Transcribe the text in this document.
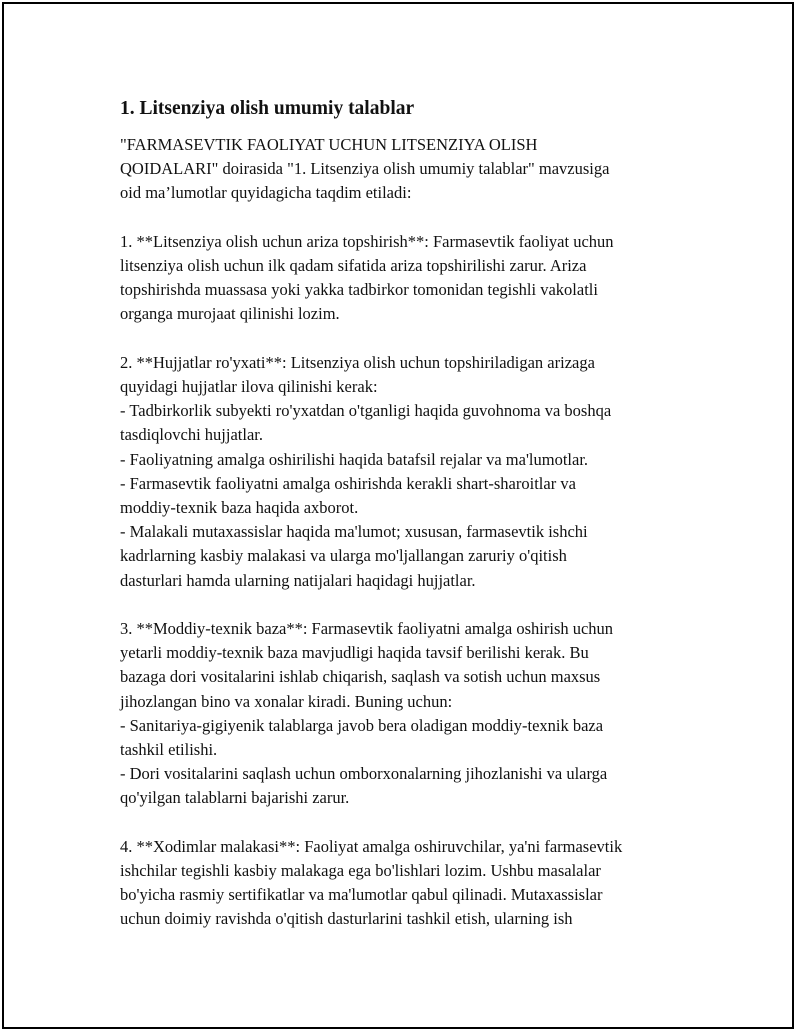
1. Litsenziya olish umumiy talablar

"FARMASEVTIK FAOLIYAT UCHUN LITSENZIYA OLISH
QOIDALARI" doirasida "1. Litsenziya olish umumiy talablar" mavzusiga
oid ma’lumotlar quyidagicha taqdim etiladi:

1. **Litsenziya olish uchun ariza topshirish**: Farmasevtik faoliyat uchun
litsenziya olish uchun ilk qadam sifatida ariza topshirilishi zarur. Ariza
topshirishda muassasa yoki yakka tadbirkor tomonidan tegishli vakolatli
organga murojaat qilinishi lozim.

2. **Hujjatlar ro'yxati**: Litsenziya olish uchun topshiriladigan arizaga
quyidagi hujjatlar ilova qilinishi kerak:
- Tadbirkorlik subyekti ro'yxatdan o'tganligi haqida guvohnoma va boshqa
tasdiqlovchi hujjatlar.
- Faoliyatning amalga oshirilishi haqida batafsil rejalar va ma'lumotlar.
- Farmasevtik faoliyatni amalga oshirishda kerakli shart-sharoitlar va
moddiy-texnik baza haqida axborot.
- Malakali mutaxassislar haqida ma'lumot; xususan, farmasevtik ishchi
kadrlarning kasbiy malakasi va ularga mo'ljallangan zaruriy o'qitish
dasturlari hamda ularning natijalari haqidagi hujjatlar.

3. **Moddiy-texnik baza**: Farmasevtik faoliyatni amalga oshirish uchun
yetarli moddiy-texnik baza mavjudligi haqida tavsif berilishi kerak. Bu
bazaga dori vositalarini ishlab chiqarish, saqlash va sotish uchun maxsus
jihozlangan bino va xonalar kiradi. Buning uchun:
- Sanitariya-gigiyenik talablarga javob bera oladigan moddiy-texnik baza
tashkil etilishi.
- Dori vositalarini saqlash uchun omborxonalarning jihozlanishi va ularga
qo'yilgan talablarni bajarishi zarur.

4. **Xodimlar malakasi**: Faoliyat amalga oshiruvchilar, ya'ni farmasevtik
ishchilar tegishli kasbiy malakaga ega bo'lishlari lozim. Ushbu masalalar
bo'yicha rasmiy sertifikatlar va ma'lumotlar qabul qilinadi. Mutaxassislar
uchun doimiy ravishda o'qitish dasturlarini tashkil etish, ularning ish
